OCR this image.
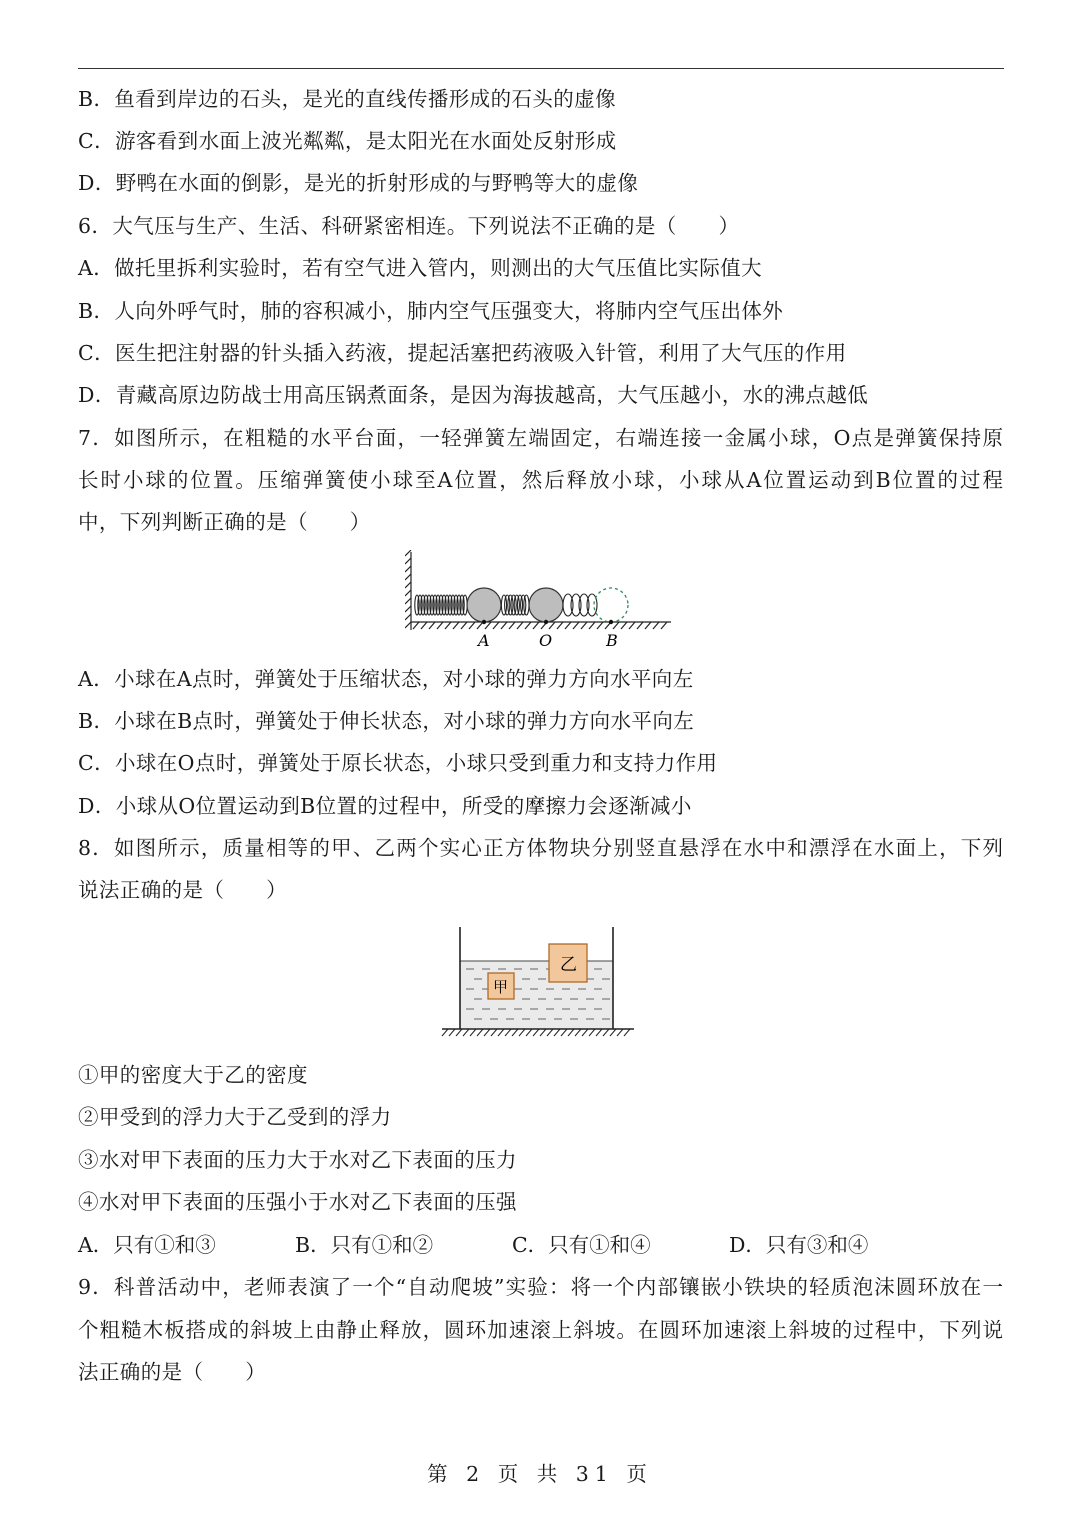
B．鱼看到岸边的石头，是光的直线传播形成的石头的虚像
C．游客看到水面上波光粼粼，是太阳光在水面处反射形成
D．野鸭在水面的倒影，是光的折射形成的与野鸭等大的虚像
6．大气压与生产、生活、科研紧密相连。下列说法不正确的是（　　）
A．做托里拆利实验时，若有空气进入管内，则测出的大气压值比实际值大
B．人向外呼气时，肺的容积减小，肺内空气压强变大，将肺内空气压出体外
C．医生把注射器的针头插入药液，提起活塞把药液吸入针管，利用了大气压的作用
D．青藏高原边防战士用高压锅煮面条，是因为海拔越高，大气压越小，水的沸点越低
7．如图所示，在粗糙的水平台面，一轻弹簧左端固定，右端连接一金属小球，O点是弹簧保持原
长时小球的位置。压缩弹簧使小球至A位置，然后释放小球，小球从A位置运动到B位置的过程
中，下列判断正确的是（　　）
A	O	B
A．小球在A点时，弹簧处于压缩状态，对小球的弹力方向水平向左
B．小球在B点时，弹簧处于伸长状态，对小球的弹力方向水平向左
C．小球在O点时，弹簧处于原长状态，小球只受到重力和支持力作用
D．小球从O位置运动到B位置的过程中，所受的摩擦力会逐渐减小
8．如图所示，质量相等的甲、乙两个实心正方体物块分别竖直悬浮在水中和漂浮在水面上，下列
说法正确的是（　　）
甲
乙
①甲的密度大于乙的密度
②甲受到的浮力大于乙受到的浮力
③水对甲下表面的压力大于水对乙下表面的压力
④水对甲下表面的压强小于水对乙下表面的压强
A．只有①和③	B．只有①和②	C．只有①和④	D．只有③和④
9．科普活动中，老师表演了一个“自动爬坡”实验：将一个内部镶嵌小铁块的轻质泡沫圆环放在一
个粗糙木板搭成的斜坡上由静止释放，圆环加速滚上斜坡。在圆环加速滚上斜坡的过程中，下列说
法正确的是（　　）
第 2 页 共 31 页
